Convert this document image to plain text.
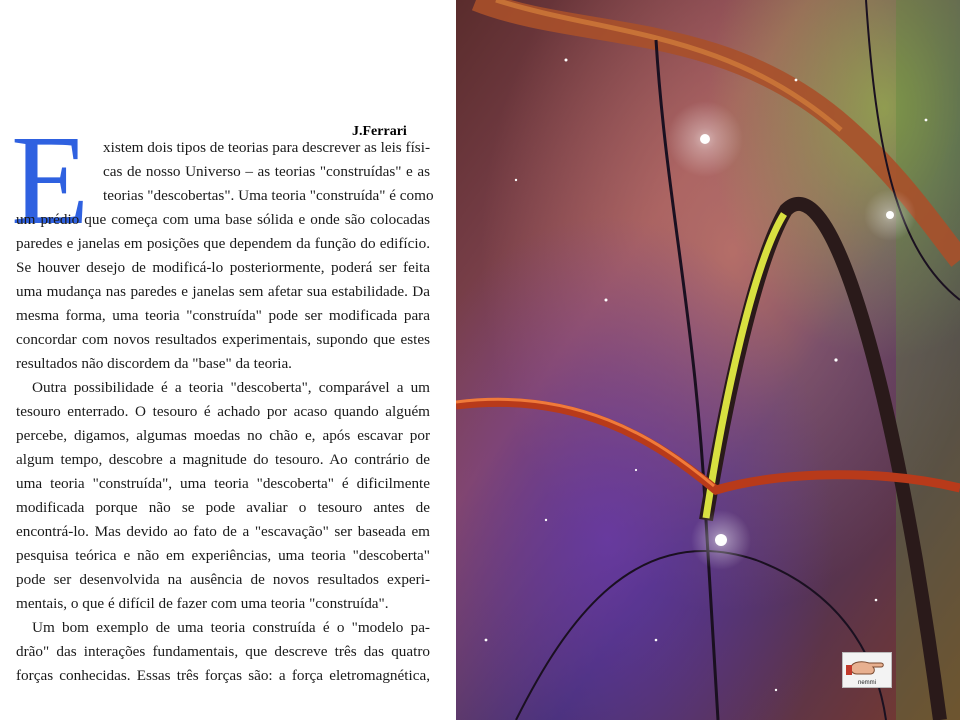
J.Ferrari
E xistem dois tipos de teorias para descrever as leis físi-
cas de nosso Universo – as teorias "construídas" e as
teorias "descobertas". Uma teoria "construída" é como
um prédio que começa com uma base sólida e onde são colocadas
paredes e janelas em posições que dependem da função do edifício.
Se houver desejo de modificá-lo posteriormente, poderá ser feita
uma mudança nas paredes e janelas sem afetar sua estabilidade. Da
mesma forma, uma teoria "construída" pode ser modificada para
concordar com novos resultados experimentais, supondo que estes
resultados não discordem da "base" da teoria.
Outra possibilidade é a teoria "descoberta", comparável a um
tesouro enterrado. O tesouro é achado por acaso quando alguém
percebe, digamos, algumas moedas no chão e, após escavar por
algum tempo, descobre a magnitude do tesouro. Ao contrário de
uma teoria "construída", uma teoria "descoberta" é dificilmente
modificada porque não se pode avaliar o tesouro antes de
encontrá-lo. Mas devido ao fato de a "escavação" ser baseada em
pesquisa teórica e não em experiências, uma teoria "descoberta"
pode ser desenvolvida na ausência de novos resultados experi-
mentais, o que é difícil de fazer com uma teoria "construída".
Um bom exemplo de uma teoria construída é o "modelo pa-
drão" das interações fundamentais, que descreve três das quatro
forças conhecidas. Essas três forças são: a força eletromagnética,	nemmi
